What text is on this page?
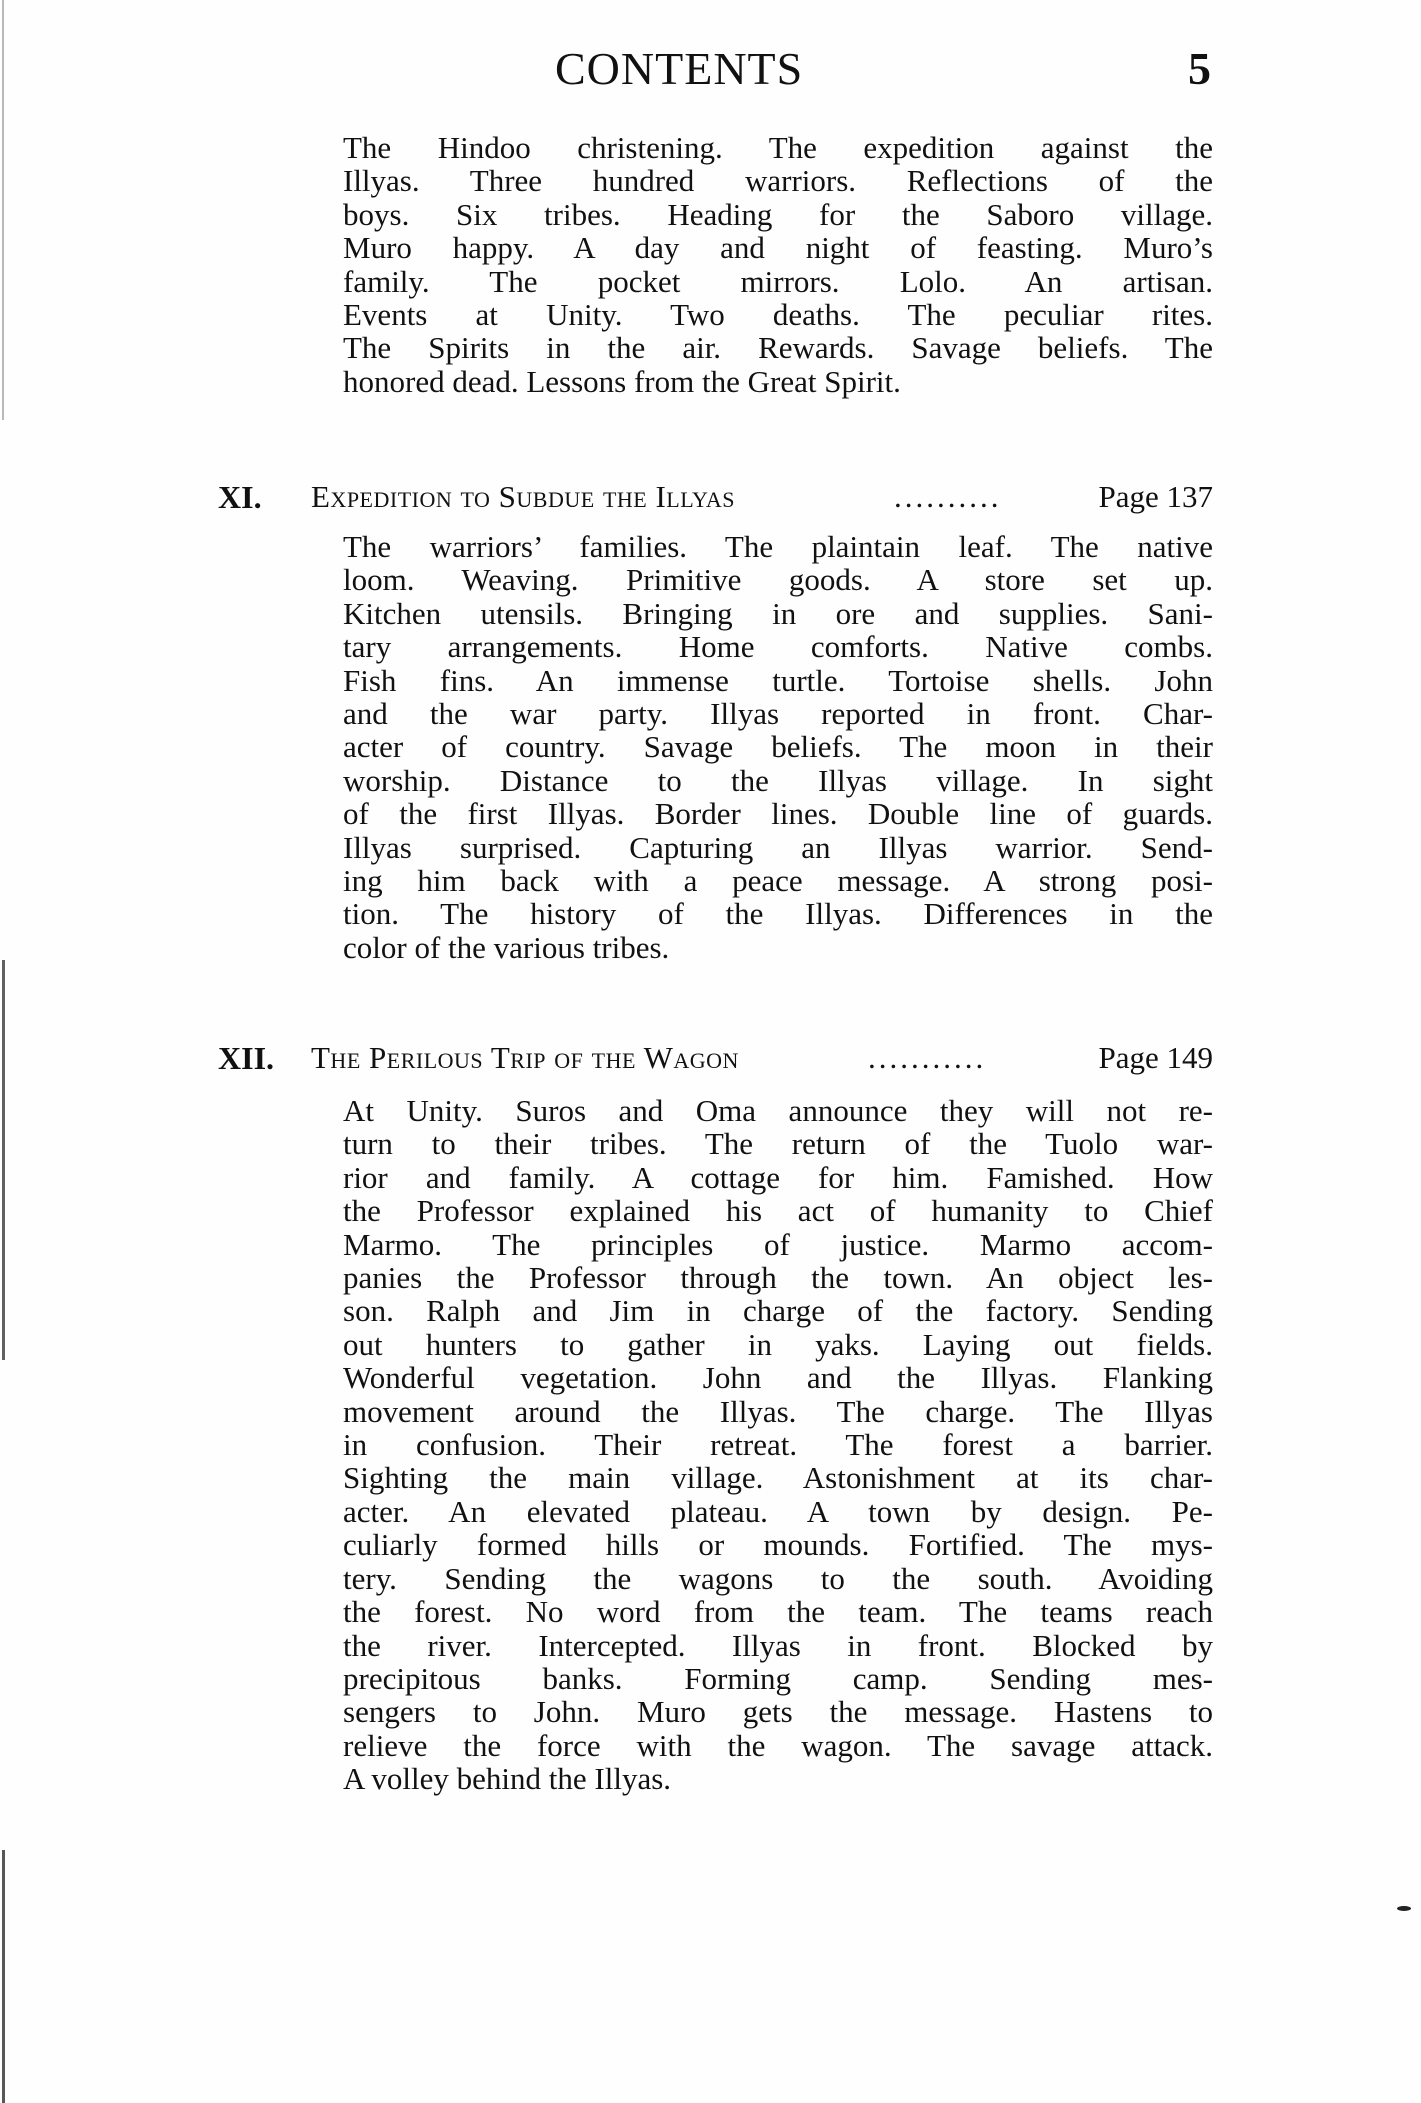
CONTENTS	5
The Hindoo christening. The expedition against the
Illyas. Three hundred warriors. Reflections of the
boys. Six tribes. Heading for the Saboro village.
Muro happy. A day and night of feasting. Muro’s
family. The pocket mirrors. Lolo. An artisan.
Events at Unity. Two deaths. The peculiar rites.
The Spirits in the air. Rewards. Savage beliefs. The
honored dead. Lessons from the Great Spirit.
XI. Expedition to Subdue the Illyas	..........	Page 137
The warriors’ families. The plaintain leaf. The native
loom. Weaving. Primitive goods. A store set up.
Kitchen utensils. Bringing in ore and supplies. Sani-
tary arrangements. Home comforts. Native combs.
Fish fins. An immense turtle. Tortoise shells. John
and the war party. Illyas reported in front. Char-
acter of country. Savage beliefs. The moon in their
worship. Distance to the Illyas village. In sight
of the first Illyas. Border lines. Double line of guards.
Illyas surprised. Capturing an Illyas warrior. Send-
ing him back with a peace message. A strong posi-
tion. The history of the Illyas. Differences in the
color of the various tribes.
XII. The Perilous Trip of the Wagon	...........	Page 149
At Unity. Suros and Oma announce they will not re-
turn to their tribes. The return of the Tuolo war-
rior and family. A cottage for him. Famished. How
the Professor explained his act of humanity to Chief
Marmo. The principles of justice. Marmo accom-
panies the Professor through the town. An object les-
son. Ralph and Jim in charge of the factory. Sending
out hunters to gather in yaks. Laying out fields.
Wonderful vegetation. John and the Illyas. Flanking
movement around the Illyas. The charge. The Illyas
in confusion. Their retreat. The forest a barrier.
Sighting the main village. Astonishment at its char-
acter. An elevated plateau. A town by design. Pe-
culiarly formed hills or mounds. Fortified. The mys-
tery. Sending the wagons to the south. Avoiding
the forest. No word from the team. The teams reach
the river. Intercepted. Illyas in front. Blocked by
precipitous banks. Forming camp. Sending mes-
sengers to John. Muro gets the message. Hastens to
relieve the force with the wagon. The savage attack.
A volley behind the Illyas.
